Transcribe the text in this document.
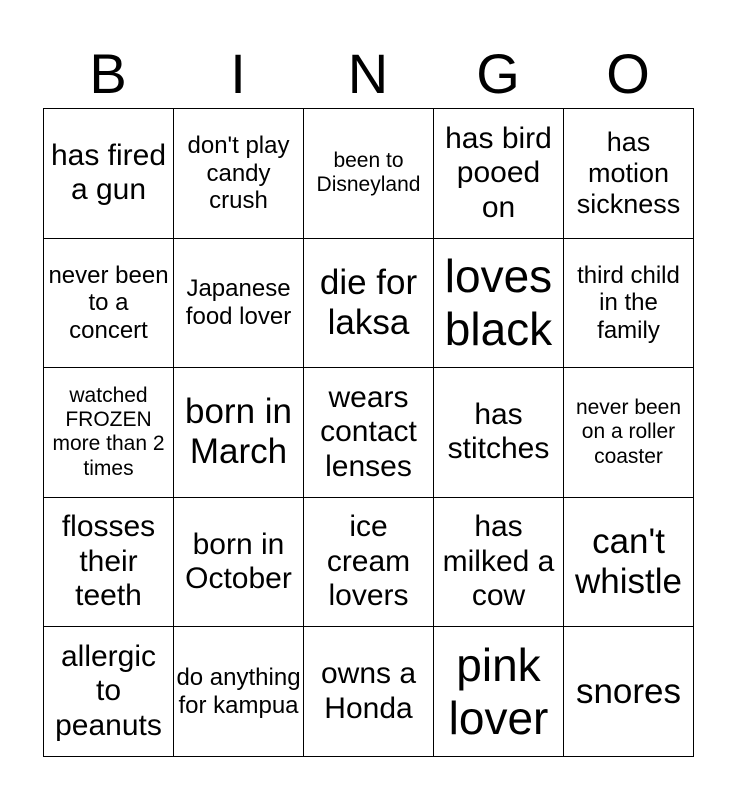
B	I	N	G	O
has fired a gun	don't play candy crush	been to Disneyland	has bird pooed on	has motion sickness
never been to a concert	Japanese food lover	die for laksa	loves black	third child in the family
watched FROZEN more than 2 times	born in March	wears contact lenses	has stitches	never been on a roller coaster
flosses their teeth	born in October	ice cream lovers	has milked a cow	can't whistle
allergic to peanuts	do anything for kampua	owns a Honda	pink lover	snores
